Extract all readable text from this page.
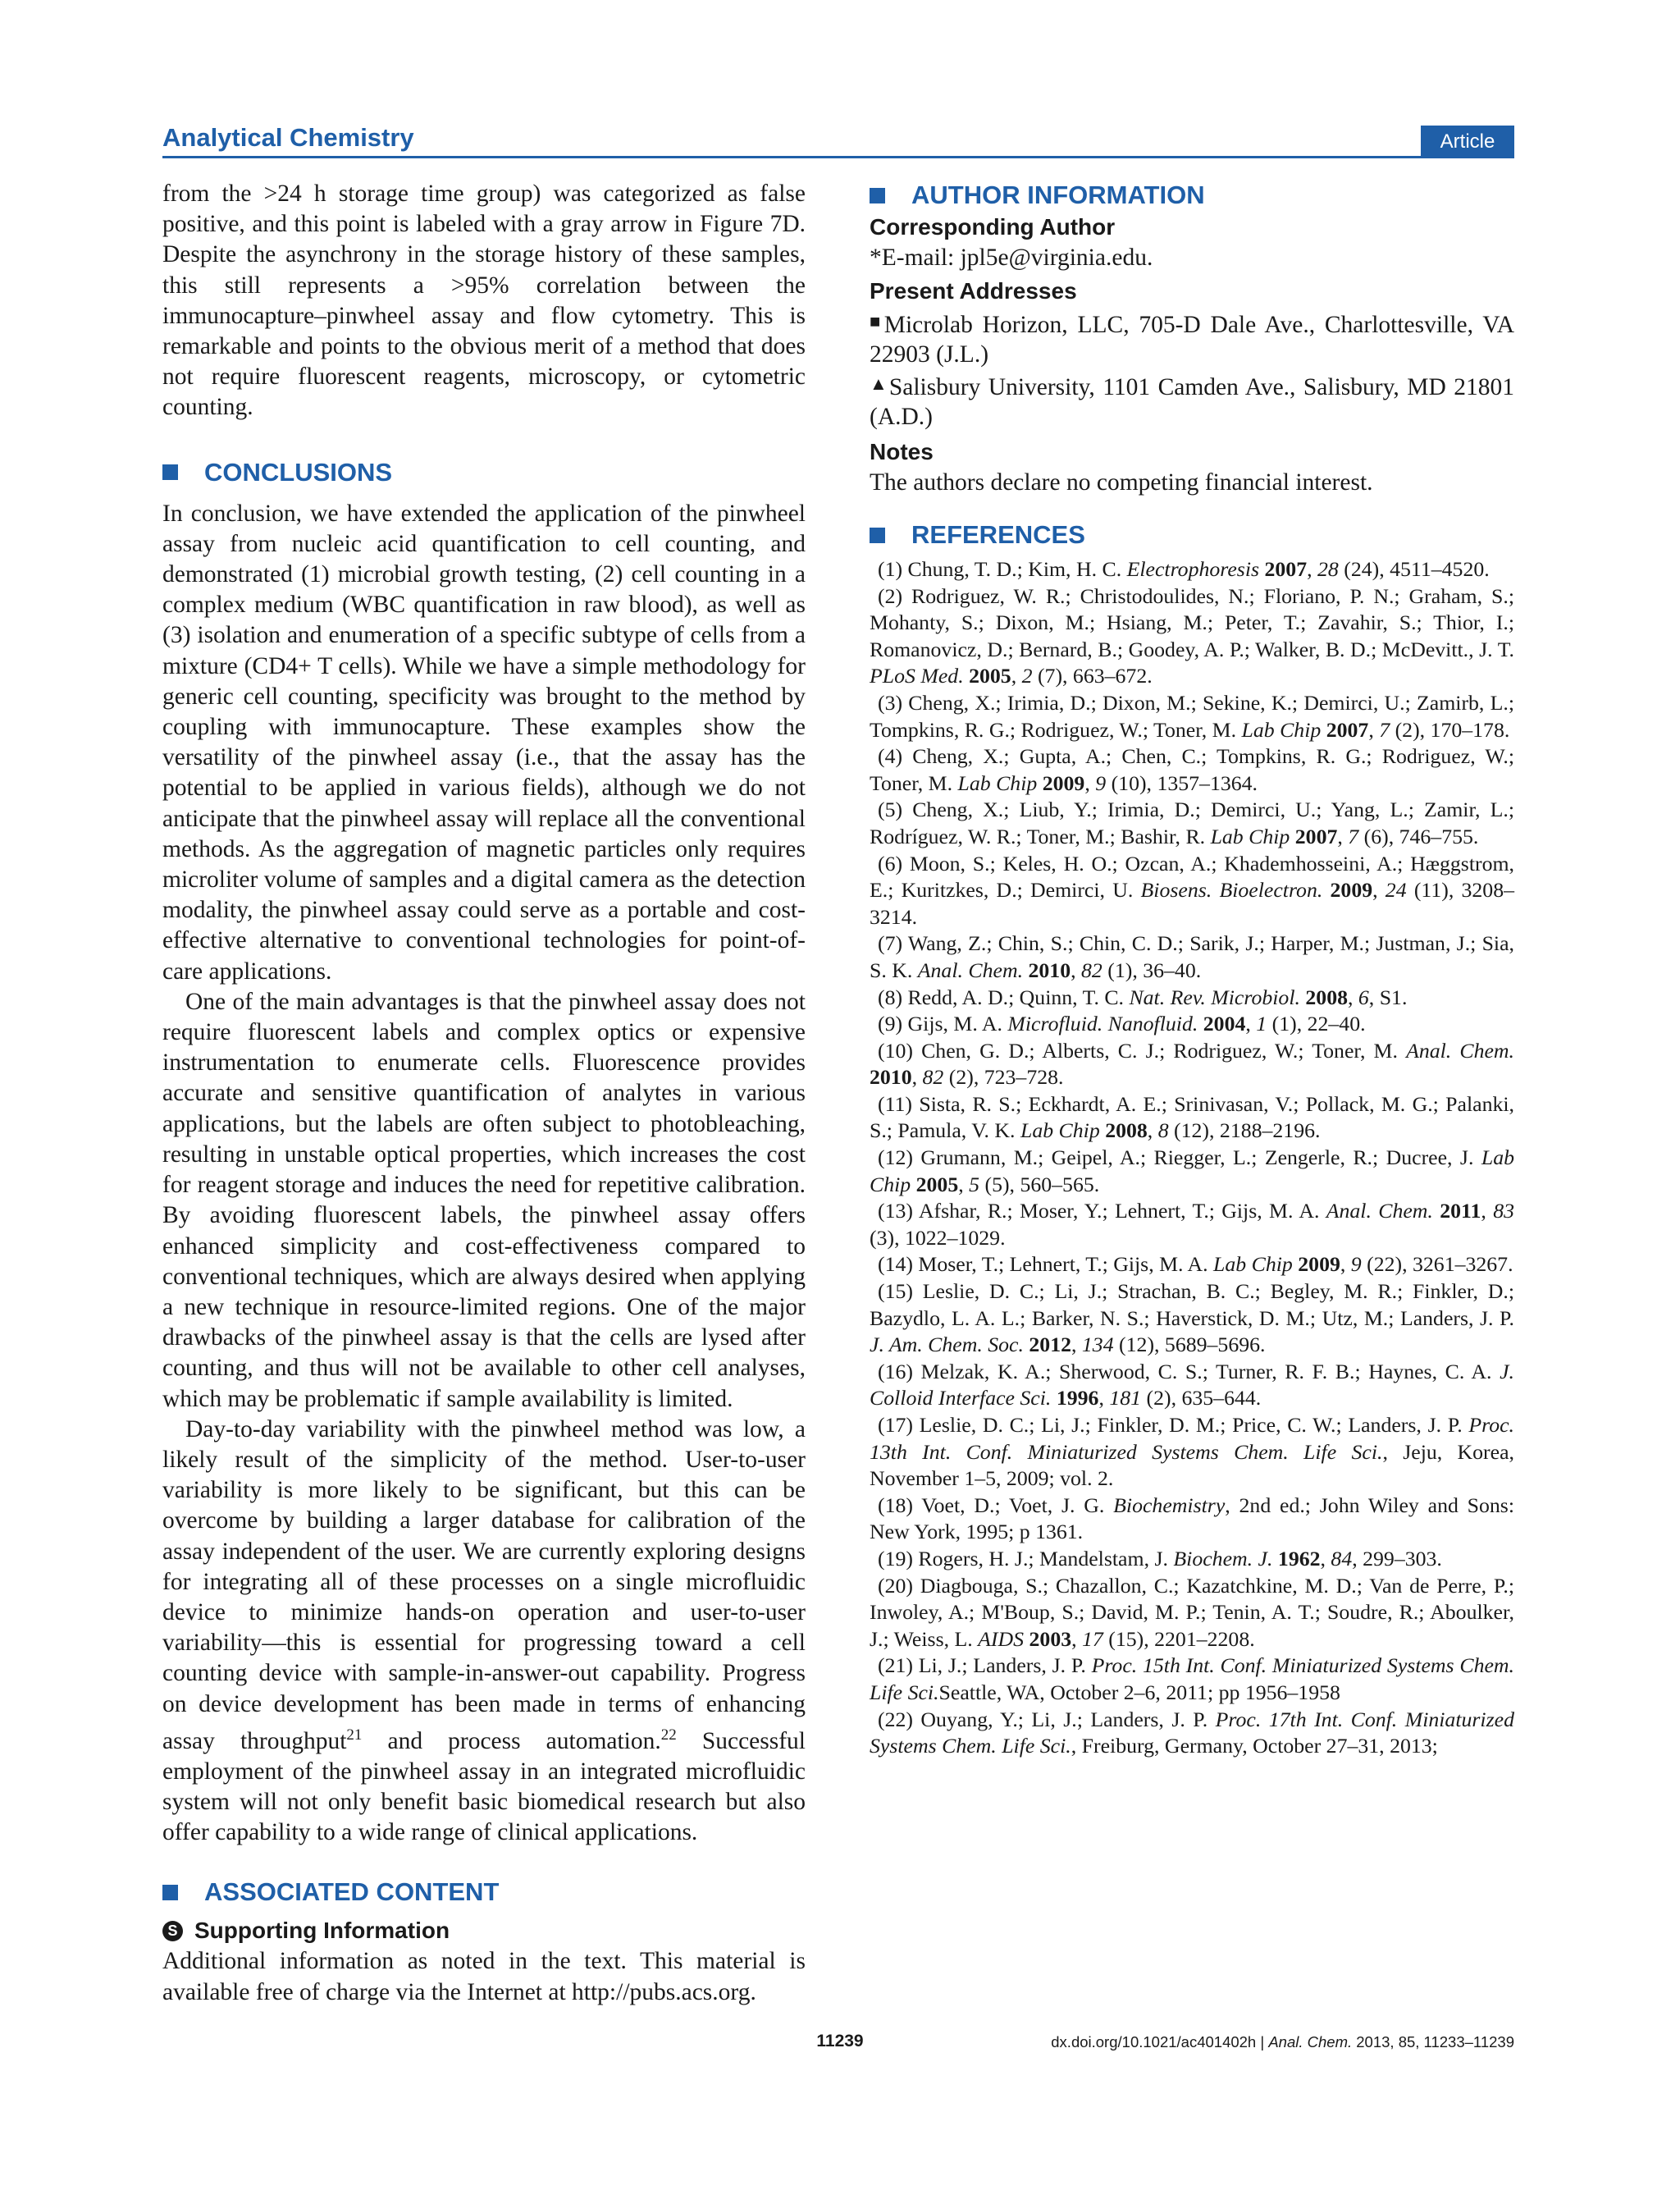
Analytical Chemistry	Article

from the >24 h storage time group) was categorized as false positive, and this point is labeled with a gray arrow in Figure 7D. Despite the asynchrony in the storage history of these samples, this still represents a >95% correlation between the immunocapture–pinwheel assay and flow cytometry. This is remarkable and points to the obvious merit of a method that does not require fluorescent reagents, microscopy, or cytometric counting.

CONCLUSIONS

In conclusion, we have extended the application of the pinwheel assay from nucleic acid quantification to cell counting, and demonstrated (1) microbial growth testing, (2) cell counting in a complex medium (WBC quantification in raw blood), as well as (3) isolation and enumeration of a specific subtype of cells from a mixture (CD4+ T cells). While we have a simple methodology for generic cell counting, specificity was brought to the method by coupling with immunocapture. These examples show the versatility of the pinwheel assay (i.e., that the assay has the potential to be applied in various fields), although we do not anticipate that the pinwheel assay will replace all the conventional methods. As the aggregation of magnetic particles only requires microliter volume of samples and a digital camera as the detection modality, the pinwheel assay could serve as a portable and cost-effective alternative to conventional technologies for point-of-care applications.

One of the main advantages is that the pinwheel assay does not require fluorescent labels and complex optics or expensive instrumentation to enumerate cells. Fluorescence provides accurate and sensitive quantification of analytes in various applications, but the labels are often subject to photobleaching, resulting in unstable optical properties, which increases the cost for reagent storage and induces the need for repetitive calibration. By avoiding fluorescent labels, the pinwheel assay offers enhanced simplicity and cost-effectiveness compared to conventional techniques, which are always desired when applying a new technique in resource-limited regions. One of the major drawbacks of the pinwheel assay is that the cells are lysed after counting, and thus will not be available to other cell analyses, which may be problematic if sample availability is limited.

Day-to-day variability with the pinwheel method was low, a likely result of the simplicity of the method. User-to-user variability is more likely to be significant, but this can be overcome by building a larger database for calibration of the assay independent of the user. We are currently exploring designs for integrating all of these processes on a single microfluidic device to minimize hands-on operation and user-to-user variability—this is essential for progressing toward a cell counting device with sample-in-answer-out capability. Progress on device development has been made in terms of enhancing assay throughput$^{21}$ and process automation.$^{22}$ Successful employment of the pinwheel assay in an integrated microfluidic system will not only benefit basic biomedical research but also offer capability to a wide range of clinical applications.

ASSOCIATED CONTENT
S Supporting Information

Additional information as noted in the text. This material is available free of charge via the Internet at http://pubs.acs.org.

AUTHOR INFORMATION
Corresponding Author
*E-mail: jpl5e@virginia.edu.
Present Addresses
■Microlab Horizon, LLC, 705-D Dale Ave., Charlottesville, VA 22903 (J.L.)
▲Salisbury University, 1101 Camden Ave., Salisbury, MD 21801 (A.D.)
Notes
The authors declare no competing financial interest.
REFERENCES
(1) Chung, T. D.; Kim, H. C. Electrophoresis 2007, 28 (24), 4511–4520.
(2) Rodriguez, W. R.; Christodoulides, N.; Floriano, P. N.; Graham, S.; Mohanty, S.; Dixon, M.; Hsiang, M.; Peter, T.; Zavahir, S.; Thior, I.; Romanovicz, D.; Bernard, B.; Goodey, A. P.; Walker, B. D.; McDevitt., J. T. PLoS Med. 2005, 2 (7), 663–672.
(3) Cheng, X.; Irimia, D.; Dixon, M.; Sekine, K.; Demirci, U.; Zamirb, L.; Tompkins, R. G.; Rodriguez, W.; Toner, M. Lab Chip 2007, 7 (2), 170–178.
(4) Cheng, X.; Gupta, A.; Chen, C.; Tompkins, R. G.; Rodriguez, W.; Toner, M. Lab Chip 2009, 9 (10), 1357–1364.
(5) Cheng, X.; Liub, Y.; Irimia, D.; Demirci, U.; Yang, L.; Zamir, L.; Rodríguez, W. R.; Toner, M.; Bashir, R. Lab Chip 2007, 7 (6), 746–755.
(6) Moon, S.; Keles, H. O.; Ozcan, A.; Khademhosseini, A.; Hæggstrom, E.; Kuritzkes, D.; Demirci, U. Biosens. Bioelectron. 2009, 24 (11), 3208–3214.
(7) Wang, Z.; Chin, S.; Chin, C. D.; Sarik, J.; Harper, M.; Justman, J.; Sia, S. K. Anal. Chem. 2010, 82 (1), 36–40.
(8) Redd, A. D.; Quinn, T. C. Nat. Rev. Microbiol. 2008, 6, S1.
(9) Gijs, M. A. Microfluid. Nanofluid. 2004, 1 (1), 22–40.
(10) Chen, G. D.; Alberts, C. J.; Rodriguez, W.; Toner, M. Anal. Chem. 2010, 82 (2), 723–728.
(11) Sista, R. S.; Eckhardt, A. E.; Srinivasan, V.; Pollack, M. G.; Palanki, S.; Pamula, V. K. Lab Chip 2008, 8 (12), 2188–2196.
(12) Grumann, M.; Geipel, A.; Riegger, L.; Zengerle, R.; Ducree, J. Lab Chip 2005, 5 (5), 560–565.
(13) Afshar, R.; Moser, Y.; Lehnert, T.; Gijs, M. A. Anal. Chem. 2011, 83 (3), 1022–1029.
(14) Moser, T.; Lehnert, T.; Gijs, M. A. Lab Chip 2009, 9 (22), 3261–3267.
(15) Leslie, D. C.; Li, J.; Strachan, B. C.; Begley, M. R.; Finkler, D.; Bazydlo, L. A. L.; Barker, N. S.; Haverstick, D. M.; Utz, M.; Landers, J. P. J. Am. Chem. Soc. 2012, 134 (12), 5689–5696.
(16) Melzak, K. A.; Sherwood, C. S.; Turner, R. F. B.; Haynes, C. A. J. Colloid Interface Sci. 1996, 181 (2), 635–644.
(17) Leslie, D. C.; Li, J.; Finkler, D. M.; Price, C. W.; Landers, J. P. Proc. 13th Int. Conf. Miniaturized Systems Chem. Life Sci., Jeju, Korea, November 1–5, 2009; vol. 2.
(18) Voet, D.; Voet, J. G. Biochemistry, 2nd ed.; John Wiley and Sons: New York, 1995; p 1361.
(19) Rogers, H. J.; Mandelstam, J. Biochem. J. 1962, 84, 299–303.
(20) Diagbouga, S.; Chazallon, C.; Kazatchkine, M. D.; Van de Perre, P.; Inwoley, A.; M'Boup, S.; David, M. P.; Tenin, A. T.; Soudre, R.; Aboulker, J.; Weiss, L. AIDS 2003, 17 (15), 2201–2208.
(21) Li, J.; Landers, J. P. Proc. 15th Int. Conf. Miniaturized Systems Chem. Life Sci.Seattle, WA, October 2–6, 2011; pp 1956–1958
(22) Ouyang, Y.; Li, J.; Landers, J. P. Proc. 17th Int. Conf. Miniaturized Systems Chem. Life Sci., Freiburg, Germany, October 27–31, 2013;
11239	dx.doi.org/10.1021/ac401402h | Anal. Chem. 2013, 85, 11233–11239
